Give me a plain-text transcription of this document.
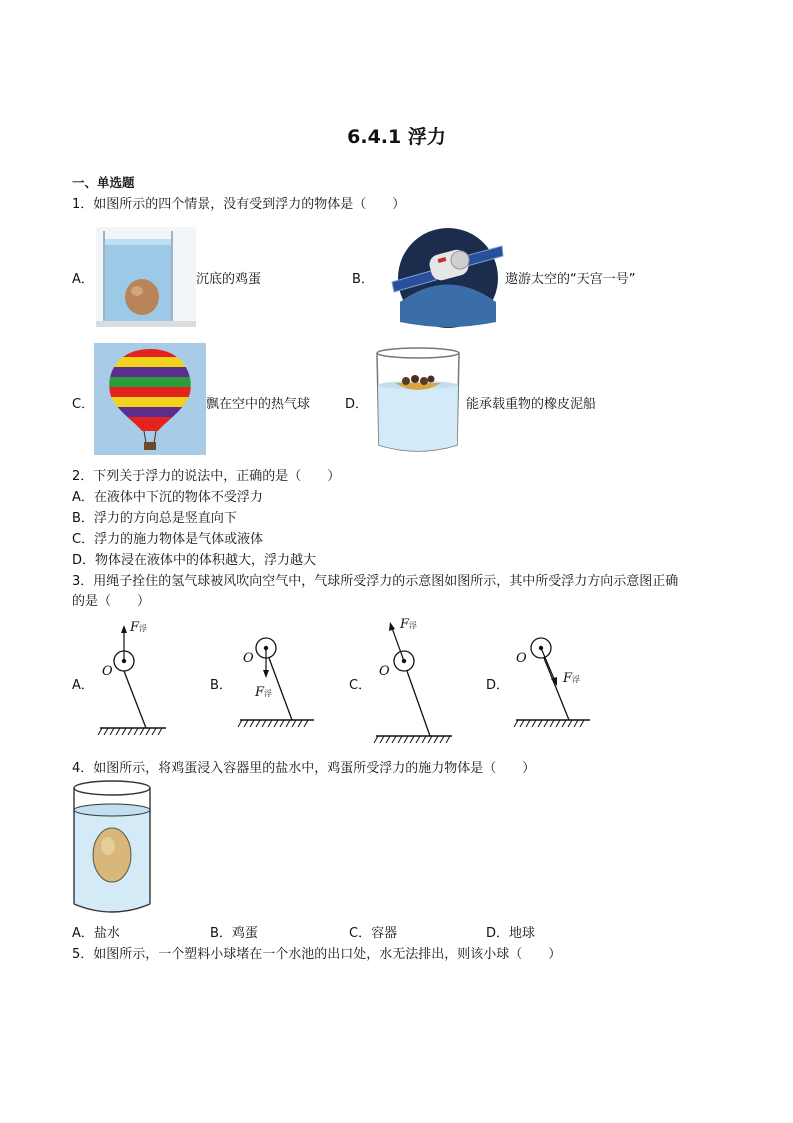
6.4.1 浮力
一、单选题
1．如图所示的四个情景，没有受到浮力的物体是（　　）
A．	沉底的鸡蛋	B．	遨游太空的“天宫一号”
C．	飘在空中的热气球	D．	能承载重物的橡皮泥船
2．下列关于浮力的说法中，正确的是（　　）
A．在液体中下沉的物体不受浮力
B．浮力的方向总是竖直向下
C．浮力的施力物体是气体或液体
D．物体浸在液体中的体积越大，浮力越大
3．用绳子拴住的氢气球被风吹向空气中，气球所受浮力的示意图如图所示，其中所受浮力方向示意图正确
的是（　　）
A．
F浮
O
B．
O
F浮
C．
F浮
O
D．
O
F浮
4．如图所示，将鸡蛋浸入容器里的盐水中，鸡蛋所受浮力的施力物体是（　　）
A．盐水	B．鸡蛋	C．容器	D．地球
5．如图所示，一个塑料小球堵在一个水池的出口处，水无法排出，则该小球（　　）
